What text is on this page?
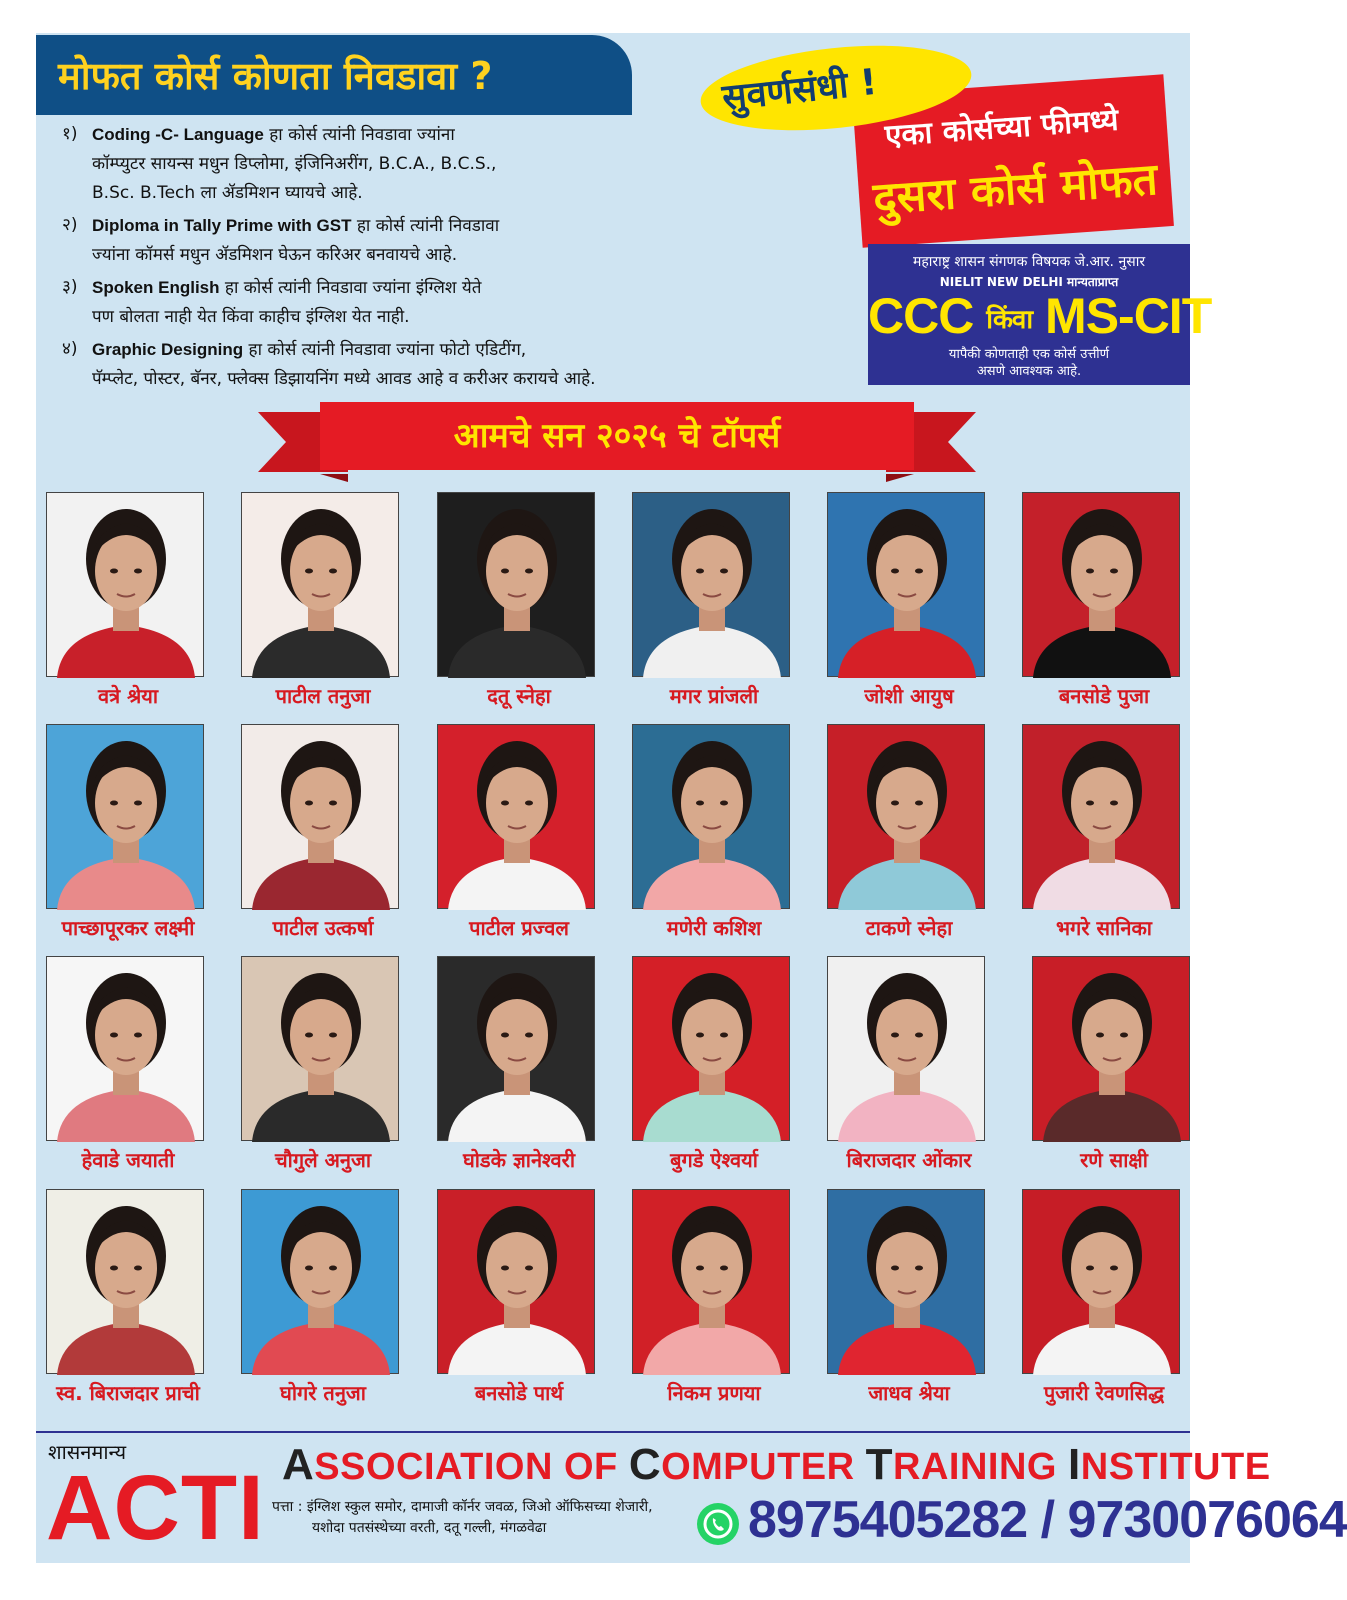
मोफत कोर्स कोणता निवडावा ?
१) Coding -C- Language हा कोर्स त्यांनी निवडावा ज्यांना
कॉम्प्युटर सायन्स मधुन डिप्लोमा, इंजिनिअरींग, B.C.A., B.C.S.,
B.Sc. B.Tech ला ॲडमिशन घ्यायचे आहे.
२) Diploma in Tally Prime with GST हा कोर्स त्यांनी निवडावा
ज्यांना कॉमर्स मधुन ॲडमिशन घेऊन करिअर बनवायचे आहे.
३) Spoken English हा कोर्स त्यांनी निवडावा ज्यांना इंग्लिश येते
पण बोलता नाही येत किंवा काहीच इंग्लिश येत नाही.
४) Graphic Designing हा कोर्स त्यांनी निवडावा ज्यांना फोटो एडिटींग,
पॅम्प्लेट, पोस्टर, बॅनर, फ्लेक्स डिझायनिंग मध्ये आवड आहे व करीअर करायचे आहे.
एका कोर्सच्या फीमध्ये
दुसरा कोर्स मोफत
सुवर्णसंधी !
महाराष्ट्र शासन संगणक विषयक जे.आर. नुसार
NIELIT NEW DELHI मान्यताप्राप्त
CCC किंवा MS-CIT
यापैकी कोणताही एक कोर्स उत्तीर्ण
असणे आवश्यक आहे.
आमचे सन २०२५ चे टॉपर्स
वत्रे श्रेया	पाटील तनुजा	दतू स्नेहा	मगर प्रांजली	जोशी आयुष	बनसोडे पुजा
पाच्छापूरकर लक्ष्मी	पाटील उत्कर्षा	पाटील प्रज्वल	मणेरी कशिश	टाकणे स्नेहा	भगरे सानिका
हेवाडे जयाती	चौगुले अनुजा	घोडके ज्ञानेश्वरी	बुगडे ऐश्वर्या	बिराजदार ओंकार	रणे साक्षी
स्व. बिराजदार प्राची	घोगरे तनुजा	बनसोडे पार्थ	निकम प्रणया	जाधव श्रेया	पुजारी रेवणसिद्ध
शासनमान्य
ACTI ASSOCIATION OF COMPUTER TRAINING INSTITUTE
पत्ता : इंग्लिश स्कुल समोर, दामाजी कॉर्नर जवळ, जिओ ऑफिसच्या शेजारी,
यशोदा पतसंस्थेच्या वरती, दतू गल्ली, मंगळवेढा	8975405282 / 9730076064
